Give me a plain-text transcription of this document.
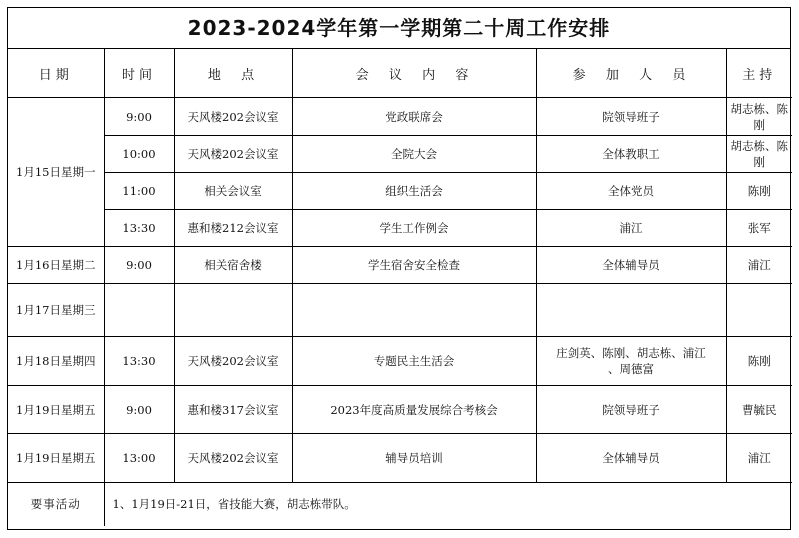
2023-2024学年第一学期第二十周工作安排
日期	时间	地  点	会  议  内  容	参  加  人  员	主持
1月15日星期一	9:00	天风楼202会议室	党政联席会	院领导班子	胡志栋、陈刚
	10:00	天风楼202会议室	全院大会	全体教职工	胡志栋、陈刚
	11:00	相关会议室	组织生活会	全体党员	陈刚
	13:30	惠和楼212会议室	学生工作例会	浦江	张军
1月16日星期二	9:00	相关宿舍楼	学生宿舍安全检查	全体辅导员	浦江
1月17日星期三					
1月18日星期四	13:30	天风楼202会议室	专题民主生活会	庄剑英、陈刚、胡志栋、浦江
、周德富	陈刚
1月19日星期五	9:00	惠和楼317会议室	2023年度高质量发展综合考核会	院领导班子	曹毓民
1月19日星期五	13:00	天风楼202会议室	辅导员培训	全体辅导员	浦江
要事活动	1、1月19日-21日，省技能大赛，胡志栋带队。				
